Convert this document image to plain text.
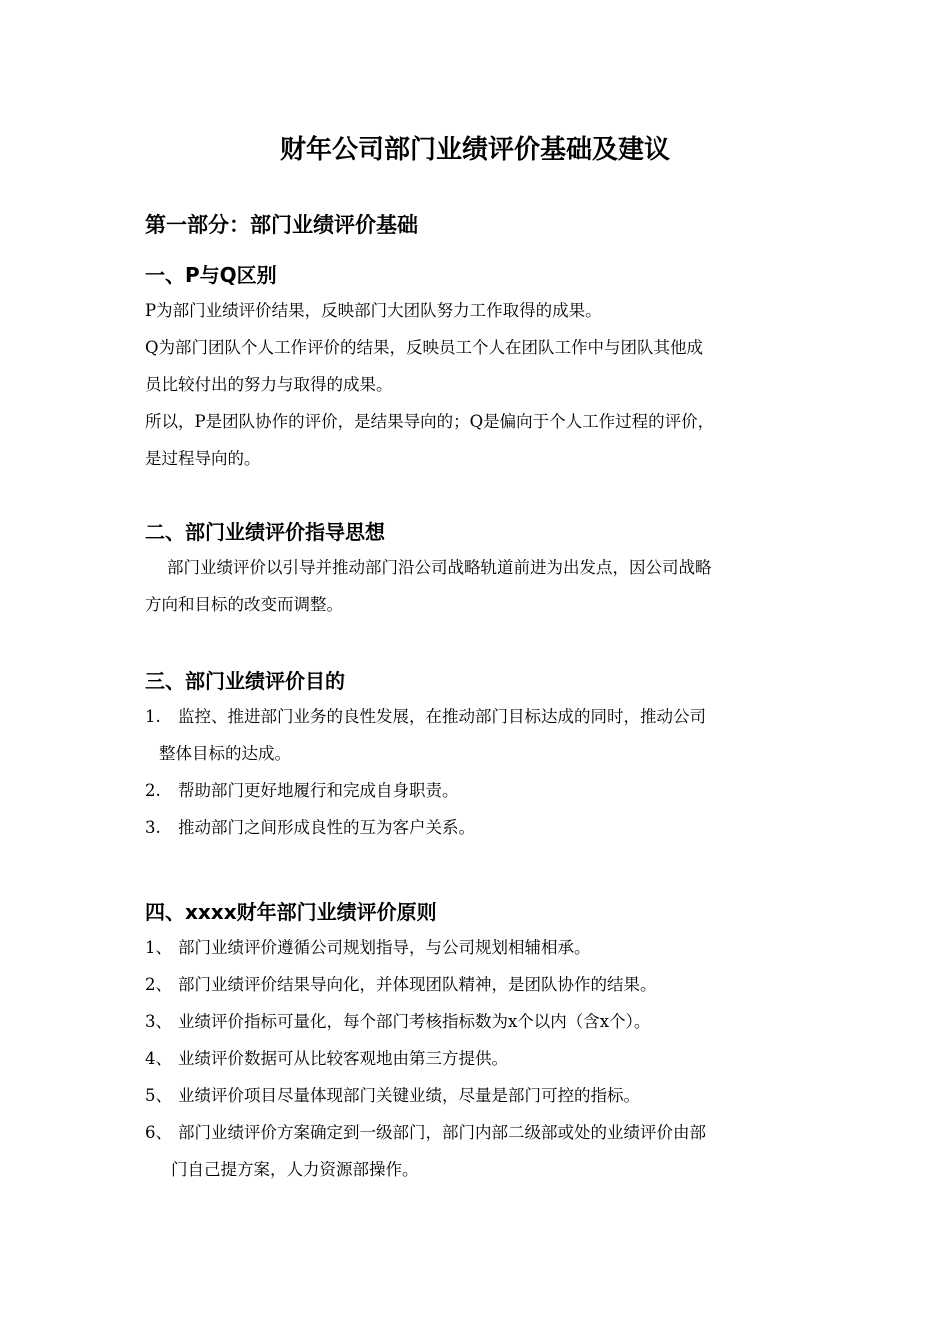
财年公司部门业绩评价基础及建议
第一部分：部门业绩评价基础

一、P与Q区别

P为部门业绩评价结果，反映部门大团队努力工作取得的成果。

Q为部门团队个人工作评价的结果，反映员工个人在团队工作中与团队其他成

员比较付出的努力与取得的成果。

所以，P是团队协作的评价，是结果导向的；Q是偏向于个人工作过程的评价，

是过程导向的。

二、部门业绩评价指导思想

部门业绩评价以引导并推动部门沿公司战略轨道前进为出发点，因公司战略

方向和目标的改变而调整。

三、部门业绩评价目的

1.	监控、推进部门业务的良性发展，在推动部门目标达成的同时，推动公司
整体目标的达成。
2.	帮助部门更好地履行和完成自身职责。
3.	推动部门之间形成良性的互为客户关系。

四、xxxx财年部门业绩评价原则

1、 部门业绩评价遵循公司规划指导，与公司规划相辅相承。
2、 部门业绩评价结果导向化，并体现团队精神，是团队协作的结果。
3、 业绩评价指标可量化，每个部门考核指标数为x个以内（含x个）。
4、 业绩评价数据可从比较客观地由第三方提供。
5、 业绩评价项目尽量体现部门关键业绩，尽量是部门可控的指标。
6、 部门业绩评价方案确定到一级部门，部门内部二级部或处的业绩评价由部
门自己提方案，人力资源部操作。
